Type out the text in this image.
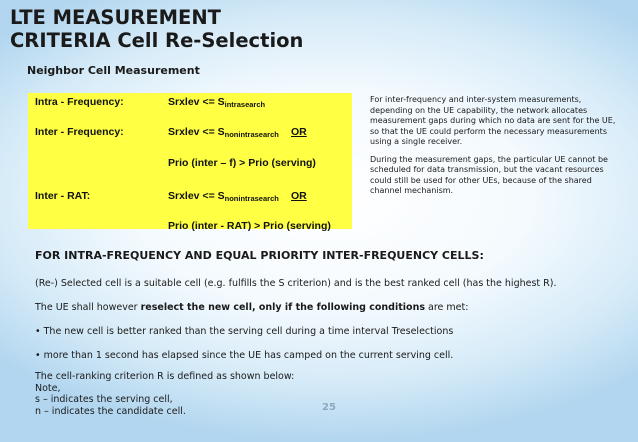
LTE MEASUREMENT
CRITERIA Cell Re-Selection
Neighbor Cell Measurement
Intra - Frequency:	Srxlev <= $S_{intrasearch}$
Inter - Frequency:	Srxlev <= $S_{nonintrasearch}$ OR
Prio (inter – f) > Prio (serving)
Inter - RAT:	Srxlev <= $S_{nonintrasearch}$ OR
Prio (inter - RAT) > Prio (serving)

For inter-frequency and inter-system measurements, depending on the UE capability, the network allocates measurement gaps during which no data are sent for the UE, so that the UE could perform the necessary measurements using a single receiver.

During the measurement gaps, the particular UE cannot be scheduled for data transmission, but the vacant resources could still be used for other UEs, because of the shared channel mechanism.

FOR INTRA-FREQUENCY AND EQUAL PRIORITY INTER-FREQUENCY CELLS:
(Re-) Selected cell is a suitable cell (e.g. fulfills the S criterion) and is the best ranked cell (has the highest R).
The UE shall however reselect the new cell, only if the following conditions are met:
• The new cell is better ranked than the serving cell during a time interval Treselections
• more than 1 second has elapsed since the UE has camped on the current serving cell.
The cell-ranking criterion R is defined as shown below:
Note,
s – indicates the serving cell,
n – indicates the candidate cell.	25
